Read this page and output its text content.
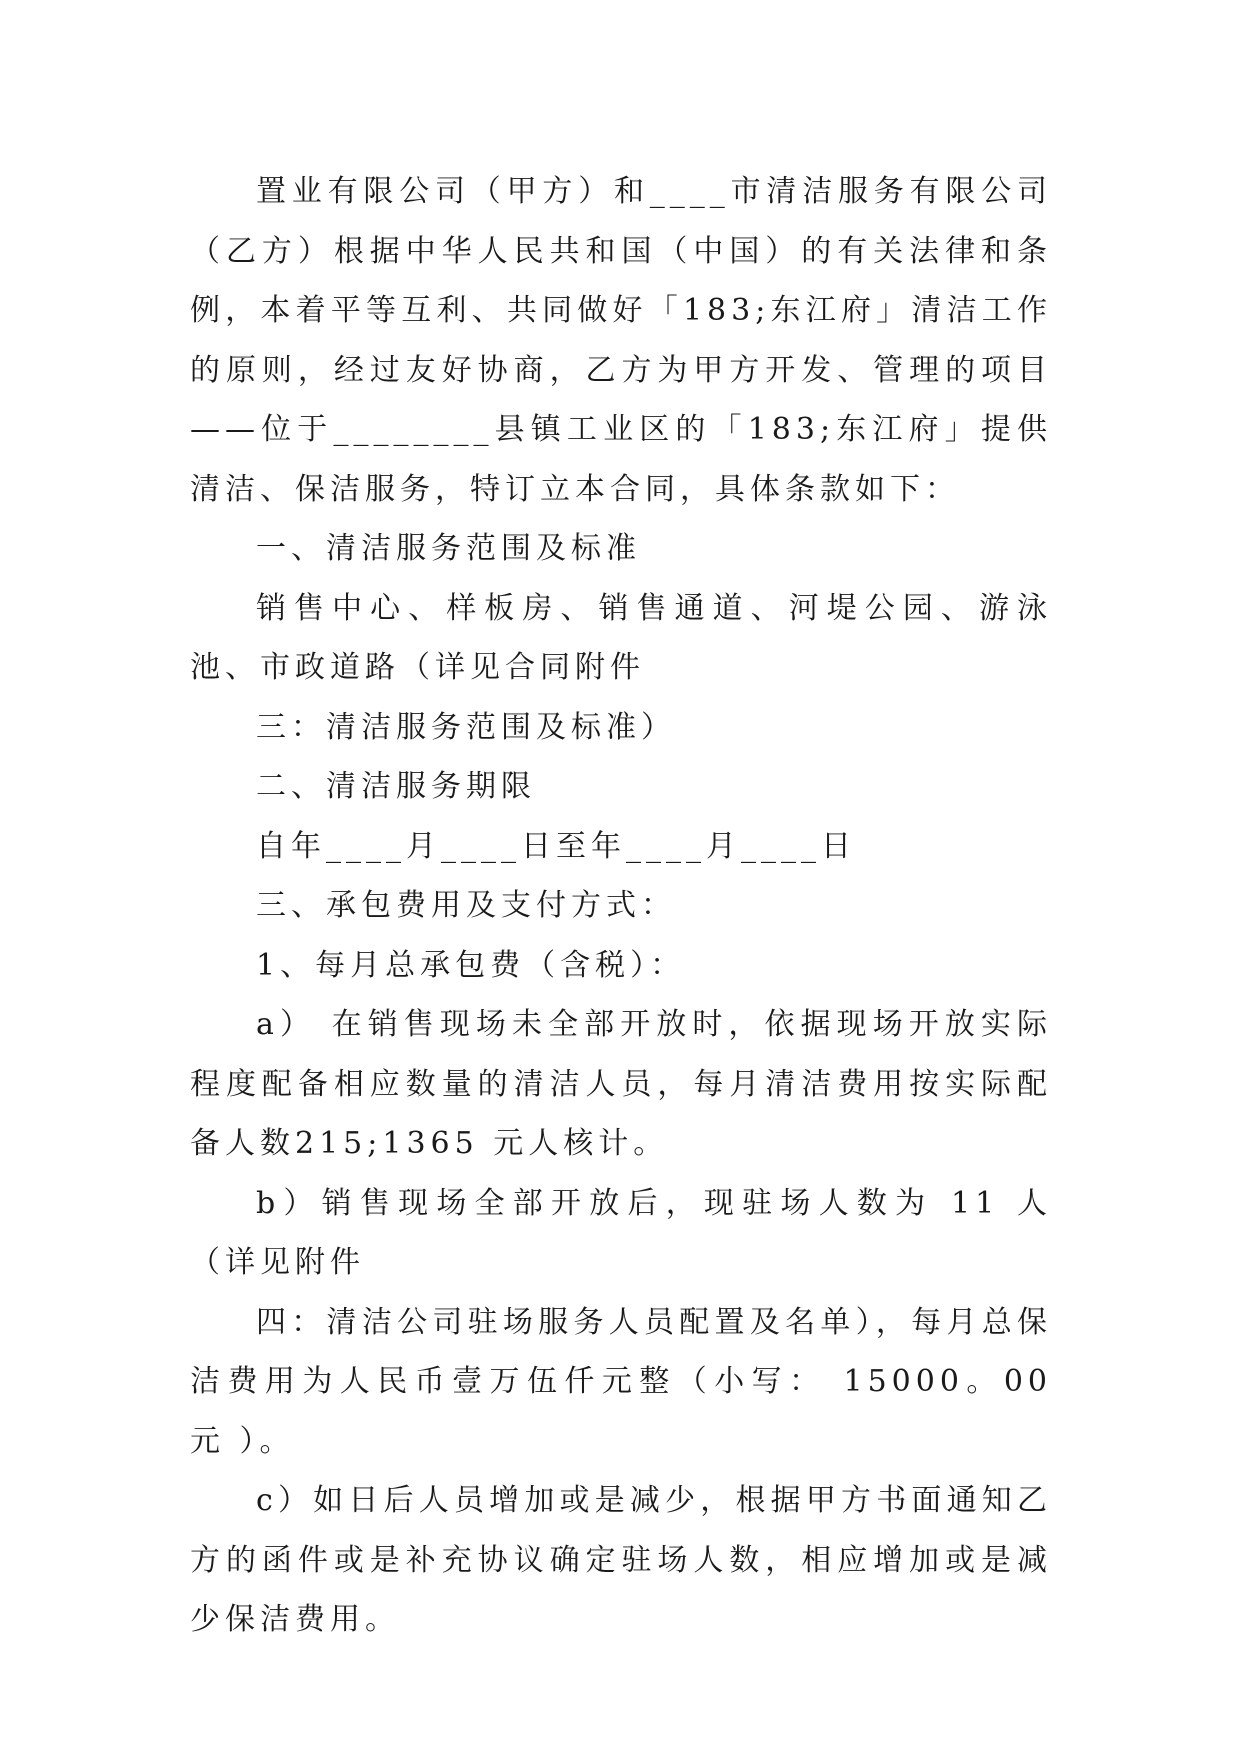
置业有限公司（甲方）和____市清洁服务有限公司（乙方）根据中华人民共和国（中国）的有关法律和条例，本着平等互利、共同做好「183;东江府」清洁工作的原则，经过友好协商，乙方为甲方开发、管理的项目——位于________县镇工业区的「183;东江府」提供清洁、保洁服务，特订立本合同，具体条款如下：

一、清洁服务范围及标准

销售中心、样板房、销售通道、河堤公园、游泳池、市政道路（详见合同附件

三：清洁服务范围及标准）

二、清洁服务期限

自年____月____日至年____月____日

三、承包费用及支付方式：

1、每月总承包费（含税）：

a） 在销售现场未全部开放时，依据现场开放实际程度配备相应数量的清洁人员，每月清洁费用按实际配备人数215;1365 元人核计。

b）销售现场全部开放后，现驻场人数为 11 人（详见附件

四：清洁公司驻场服务人员配置及名单），每月总保洁费用为人民币壹万伍仟元整（小写： 15000。00 元 ）。

c）如日后人员增加或是减少，根据甲方书面通知乙方的函件或是补充协议确定驻场人数，相应增加或是减少保洁费用。
